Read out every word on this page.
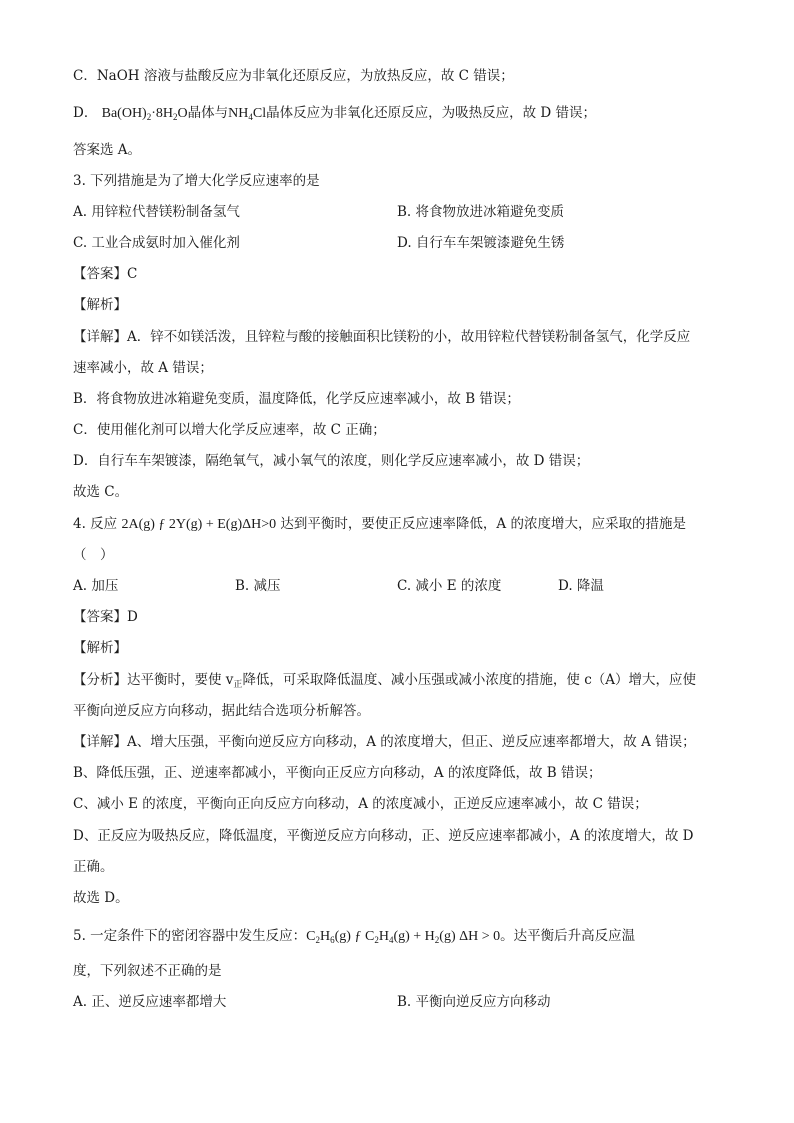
C．NaOH 溶液与盐酸反应为非氧化还原反应，为放热反应，故 C 错误；
D． $Ba(OH)_2\cdot 8H_2O$晶体与$NH_4Cl$晶体反应为非氧化还原反应，为吸热反应，故 D 错误；
答案选 A。
3. 下列措施是为了增大化学反应速率的是
A. 用锌粒代替镁粉制备氢气	B. 将食物放进冰箱避免变质
C. 工业合成氨时加入催化剂	D. 自行车车架镀漆避免生锈
【答案】C
【解析】
【详解】A．锌不如镁活泼，且锌粒与酸的接触面积比镁粉的小，故用锌粒代替镁粉制备氢气，化学反应
速率减小，故 A 错误；
B．将食物放进冰箱避免变质，温度降低，化学反应速率减小，故 B 错误；
C．使用催化剂可以增大化学反应速率，故 C 正确；
D．自行车车架镀漆，隔绝氧气，减小氧气的浓度，则化学反应速率减小，故 D 错误；
故选 C。
4. 反应 2A(g) ƒ 2Y(g) + E(g)ΔH>0 达到平衡时，要使正反应速率降低，A 的浓度增大，应采取的措施是
（　）
A. 加压	B. 减压	C. 减小 E 的浓度	D. 降温
【答案】D
【解析】
【分析】达平衡时，要使 $v_正$降低，可采取降低温度、减小压强或减小浓度的措施，使 c（A）增大，应使
平衡向逆反应方向移动，据此结合选项分析解答。
【详解】A、增大压强，平衡向逆反应方向移动，A 的浓度增大，但正、逆反应速率都增大，故 A 错误；
B、降低压强，正、逆速率都减小，平衡向正反应方向移动，A 的浓度降低，故 B 错误；
C、减小 E 的浓度，平衡向正向反应方向移动，A 的浓度减小，正逆反应速率减小，故 C 错误；
D、正反应为吸热反应，降低温度，平衡逆反应方向移动，正、逆反应速率都减小，A 的浓度增大，故 D
正确。
故选 D。
5. 一定条件下的密闭容器中发生反应：$C_2H_6(g)$ ƒ $C_2H_4(g) + H_2(g) \Delta H > 0$。达平衡后升高反应温
度，下列叙述不正确的是
A. 正、逆反应速率都增大	B. 平衡向逆反应方向移动
